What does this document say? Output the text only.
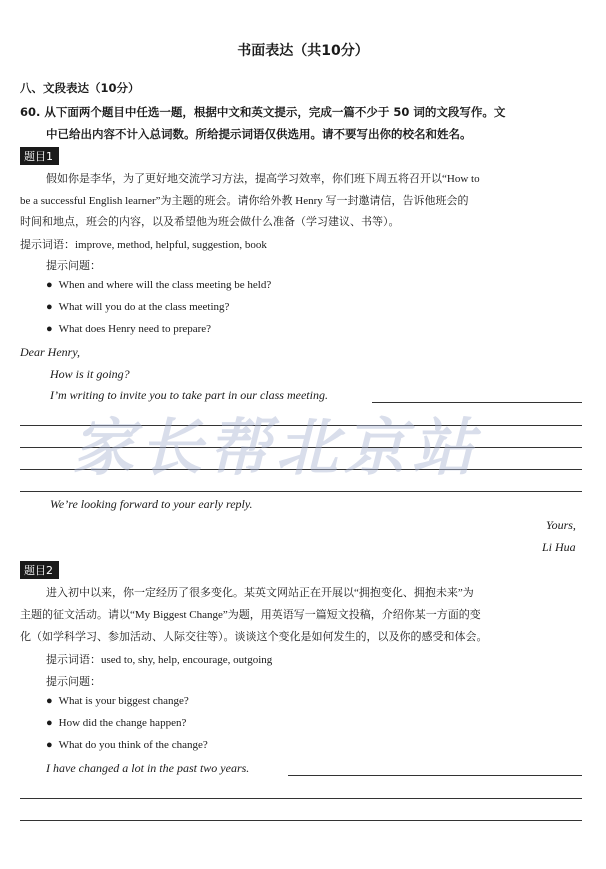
书面表达（共10分）
八、文段表达（10分）
60. 从下面两个题目中任选一题，根据中文和英文提示，完成一篇不少于 50 词的文段写作。文
中已给出内容不计入总词数。所给提示词语仅供选用。请不要写出你的校名和姓名。
题目1
假如你是李华，为了更好地交流学习方法，提高学习效率，你们班下周五将召开以“How to
be a successful English learner”为主题的班会。请你给外教 Henry 写一封邀请信，告诉他班会的
时间和地点，班会的内容，以及希望他为班会做什么准备（学习建议、书等）。
提示词语：improve, method, helpful, suggestion, book
提示问题：
● When and where will the class meeting be held?
● What will you do at the class meeting?
● What does Henry need to prepare?
Dear Henry,
How is it going?
I’m writing to invite you to take part in our class meeting.
家长帮北京站
We’re looking forward to your early reply.
Yours,
Li Hua
题目2
进入初中以来，你一定经历了很多变化。某英文网站正在开展以“拥抱变化、拥抱未来”为
主题的征文活动。请以“My Biggest Change”为题，用英语写一篇短文投稿，介绍你某一方面的变
化（如学科学习、参加活动、人际交往等）。谈谈这个变化是如何发生的，以及你的感受和体会。
提示词语：used to, shy, help, encourage, outgoing
提示问题：
● What is your biggest change?
● How did the change happen?
● What do you think of the change?
I have changed a lot in the past two years.
